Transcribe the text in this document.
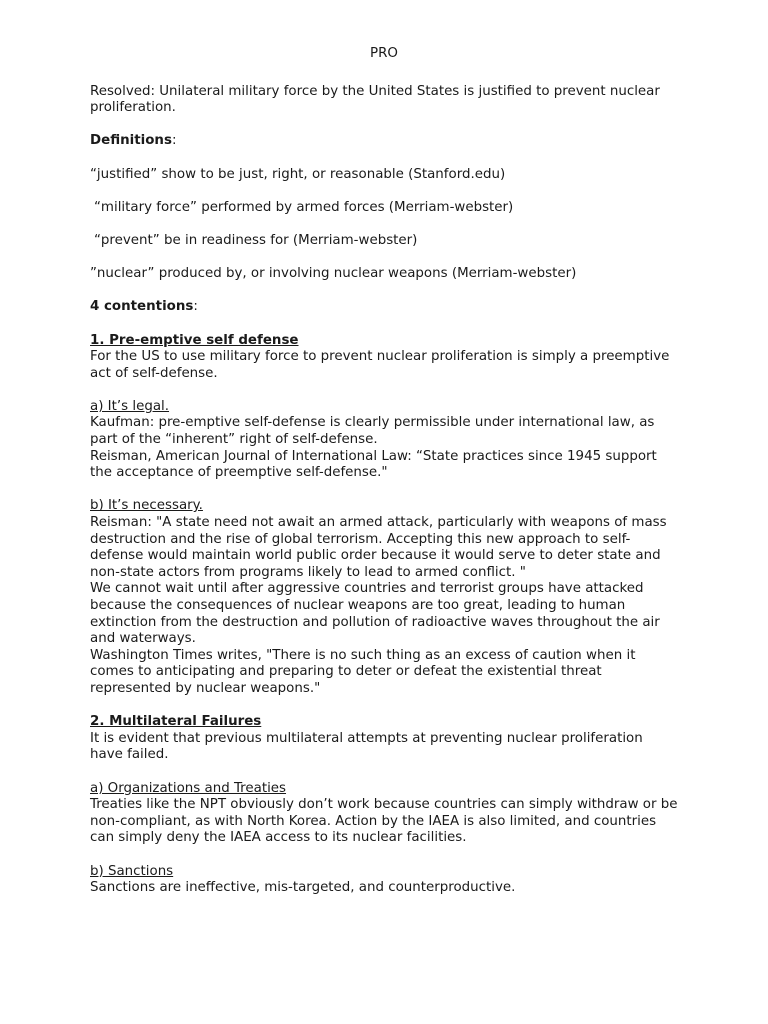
PRO

Resolved: Unilateral military force by the United States is justified to prevent nuclear proliferation.

Definitions:

“justified” show to be just, right, or reasonable (Stanford.edu)

“military force” performed by armed forces (Merriam-webster)

“prevent” be in readiness for (Merriam-webster)

”nuclear” produced by, or involving nuclear weapons (Merriam-webster)

4 contentions:

1. Pre-emptive self defense

For the US to use military force to prevent nuclear proliferation is simply a preemptive act of self-defense.

a) It’s legal.

Kaufman: pre-emptive self-defense is clearly permissible under international law, as part of the “inherent” right of self-defense.

Reisman, American Journal of International Law: “State practices since 1945 support the acceptance of preemptive self-defense."

b) It’s necessary.

Reisman: "A state need not await an armed attack, particularly with weapons of mass destruction and the rise of global terrorism. Accepting this new approach to self-defense would maintain world public order because it would serve to deter state and non-state actors from programs likely to lead to armed conflict. "

We cannot wait until after aggressive countries and terrorist groups have attacked because the consequences of nuclear weapons are too great, leading to human extinction from the destruction and pollution of radioactive waves throughout the air and waterways.

Washington Times writes, "There is no such thing as an excess of caution when it comes to anticipating and preparing to deter or defeat the existential threat represented by nuclear weapons."

2. Multilateral Failures

It is evident that previous multilateral attempts at preventing nuclear proliferation have failed.

a) Organizations and Treaties

Treaties like the NPT obviously don’t work because countries can simply withdraw or be non-compliant, as with North Korea. Action by the IAEA is also limited, and countries can simply deny the IAEA access to its nuclear facilities.

b) Sanctions

Sanctions are ineffective, mis-targeted, and counterproductive.
